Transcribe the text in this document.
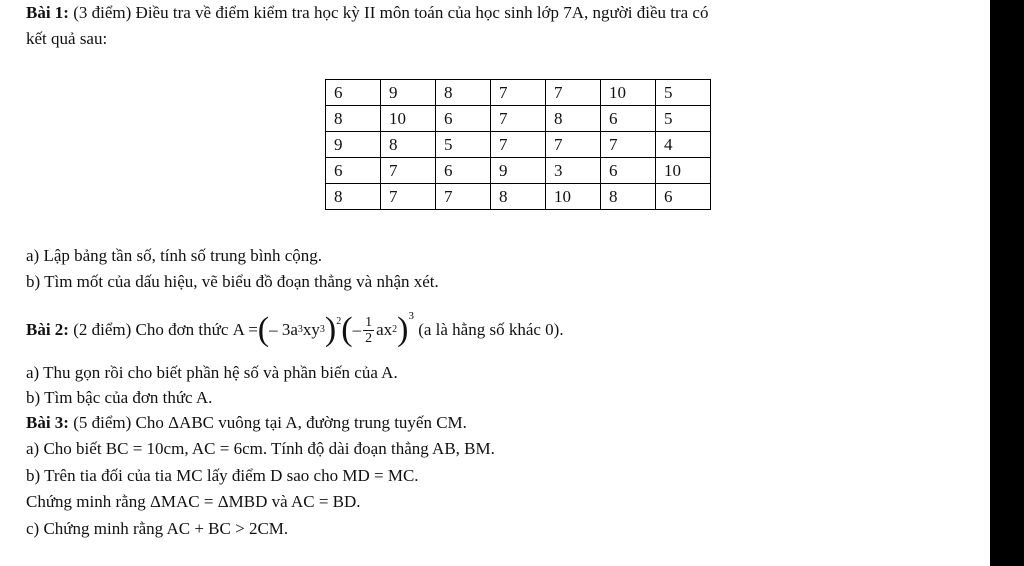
Bài 1: (3 điểm) Điều tra về điểm kiểm tra học kỳ II môn toán của học sinh lớp 7A, người điều tra có
kết quả sau:
6	9	8	7	7	10	5
8	10	6	7	8	6	5
9	8	5	7	7	7	4
6	7	6	9	3	6	10
8	7	7	8	10	8	6
a) Lập bảng tần số, tính số trung bình cộng.
b) Tìm mốt của dấu hiệu, vẽ biểu đồ đoạn thẳng và nhận xét.
Bài 2: (2 điểm) Cho đơn thức A = ( – 3a 3 xy 3 )$^2$ ( – $\frac{1}{2}$ ax 2 ) 3
(a là hằng số khác 0).
a) Thu gọn rồi cho biết phần hệ số và phần biến của A.
b) Tìm bậc của đơn thức A.
Bài 3: (5 điểm) Cho ΔABC vuông tại A, đường trung tuyến CM.
a) Cho biết BC = 10cm, AC = 6cm. Tính độ dài đoạn thẳng AB, BM.
b) Trên tia đối của tia MC lấy điểm D sao cho MD = MC.
Chứng minh rằng ΔMAC = ΔMBD và AC = BD.
c) Chứng minh rằng AC + BC > 2CM.
